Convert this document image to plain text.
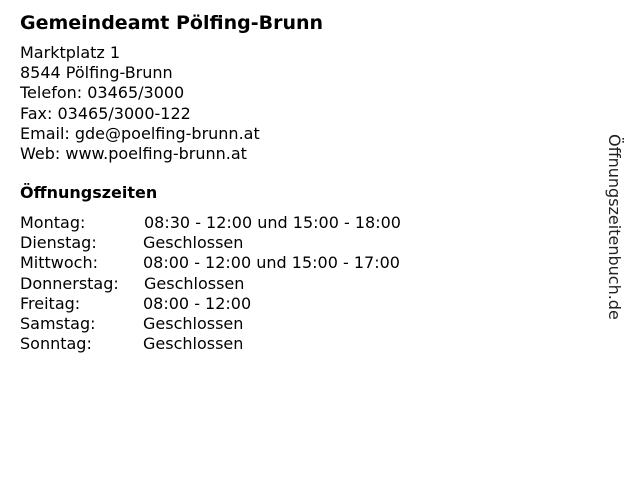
Gemeindeamt Pölfing-Brunn
Marktplatz 1
8544 Pölfing-Brunn
Telefon: 03465/3000
Fax: 03465/3000-122
Email: gde@poelfing-brunn.at
Web: www.poelfing-brunn.at
Öffnungszeiten
Montag:	08:30 - 12:00 und 15:00 - 18:00
Dienstag:	Geschlossen
Mittwoch:	08:00 - 12:00 und 15:00 - 17:00
Donnerstag: Geschlossen
Freitag:	08:00 - 12:00
Samstag:	Geschlossen
Sonntag:	Geschlossen
Öffnungszeitenbuch.de
